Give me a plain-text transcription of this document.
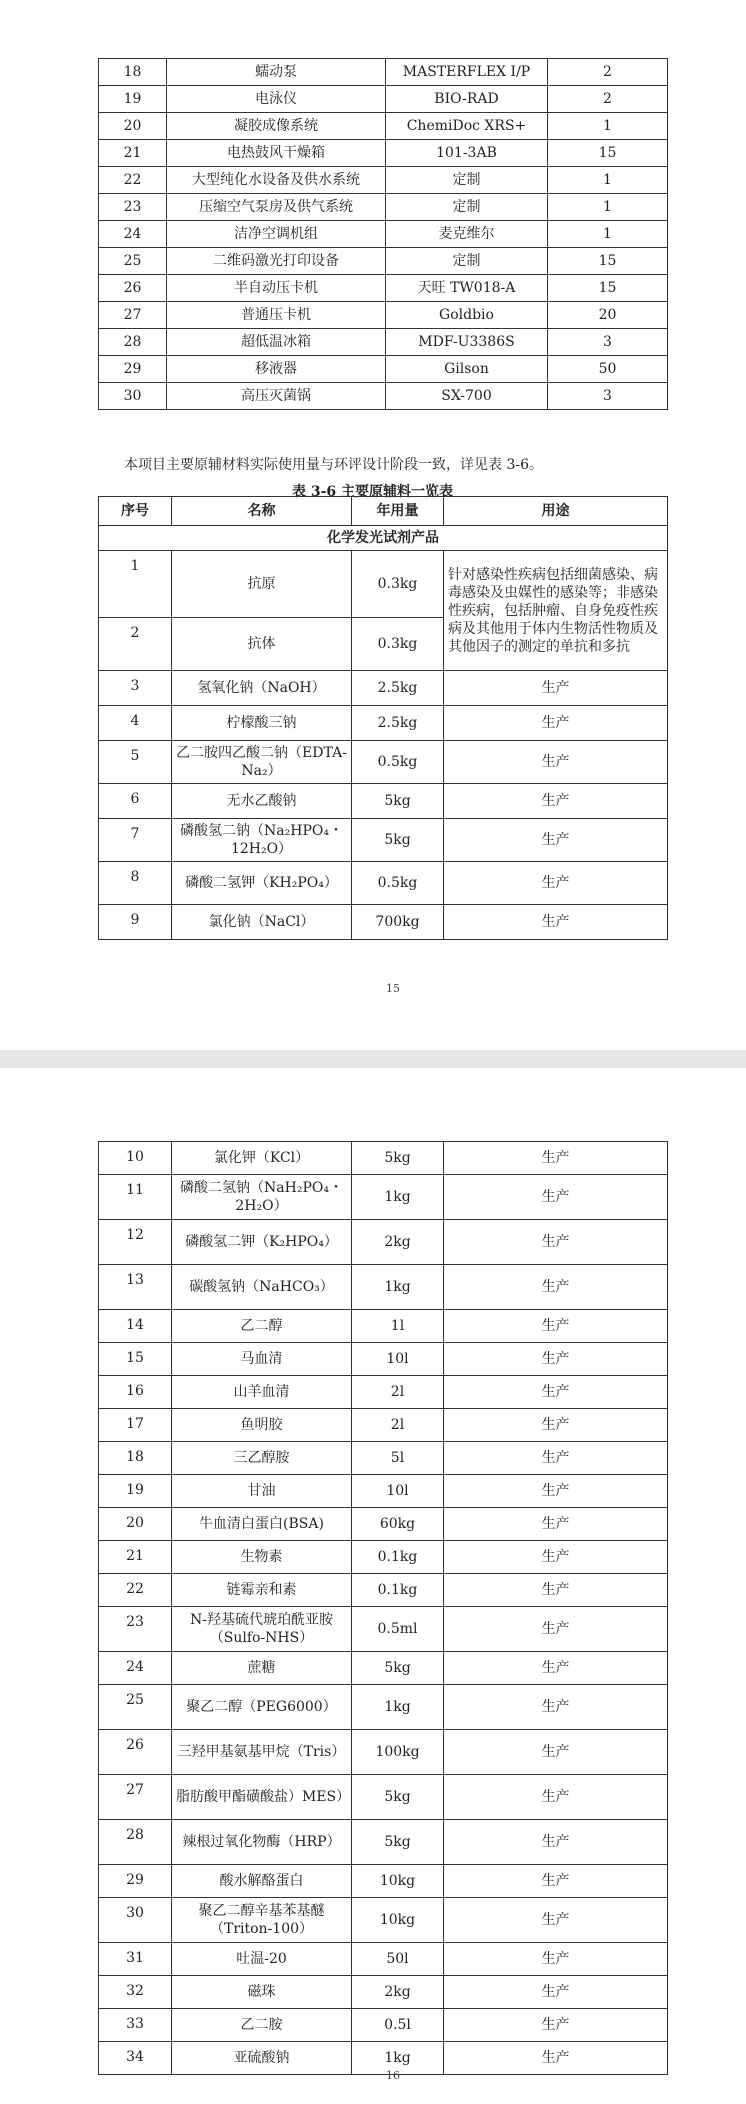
18	蠕动泵	MASTERFLEX I/P	2
19	电泳仪	BIO-RAD	2
20	凝胶成像系统	ChemiDoc XRS+	1
21	电热鼓风干燥箱	101-3AB	15
22	大型纯化水设备及供水系统	定制	1
23	压缩空气泵房及供气系统	定制	1
24	洁净空调机组	麦克维尔	1
25	二维码激光打印设备	定制	15
26	半自动压卡机	天旺 TW018-A	15
27	普通压卡机	Goldbio	20
28	超低温冰箱	MDF-U3386S	3
29	移液器	Gilson	50
30	高压灭菌锅	SX-700	3
本项目主要原辅材料实际使用量与环评设计阶段一致，详见表 3-6。
表 3-6 主要原辅料一览表
序号	名称	年用量	用途
化学发光试剂产品			
1	抗原	0.3kg	针对感染性疾病包括细菌感染、病毒感染及虫媒性的感染等；非感染性疾病，包括肿瘤、自身免疫性疾病及其他用于体内生物活性物质及其他因子的测定的单抗和多抗
2	抗体	0.3kg	
3	氢氧化钠（NaOH）	2.5kg	生产
4	柠檬酸三钠	2.5kg	生产
5	乙二胺四乙酸二钠（EDTA-Na₂）	0.5kg	生产
6	无水乙酸钠	5kg	生产
7	磷酸氢二钠（Na₂HPO₄・12H₂O）	5kg	生产
8	磷酸二氢钾（KH₂PO₄）	0.5kg	生产
9	氯化钠（NaCl）	700kg	生产
15
10	氯化钾（KCl）	5kg	生产
11	磷酸二氢钠（NaH₂PO₄・2H₂O）	1kg	生产
12	磷酸氢二钾（K₂HPO₄）	2kg	生产
13	碳酸氢钠（NaHCO₃）	1kg	生产
14	乙二醇	1l	生产
15	马血清	10l	生产
16	山羊血清	2l	生产
17	鱼明胶	2l	生产
18	三乙醇胺	5l	生产
19	甘油	10l	生产
20	牛血清白蛋白(BSA)	60kg	生产
21	生物素	0.1kg	生产
22	链霉亲和素	0.1kg	生产
23	N-羟基硫代琥珀酰亚胺（Sulfo-NHS）	0.5ml	生产
24	蔗糖	5kg	生产
25	聚乙二醇（PEG6000）	1kg	生产
26	三羟甲基氨基甲烷（Tris）	100kg	生产
27	脂肪酸甲酯磺酸盐）MES）	5kg	生产
28	辣根过氧化物酶（HRP）	5kg	生产
29	酸水解酪蛋白	10kg	生产
30	聚乙二醇辛基苯基醚（Triton-100）	10kg	生产
31	吐温-20	50l	生产
32	磁珠	2kg	生产
33	乙二胺	0.5l	生产
34	亚硫酸钠	1kg	生产
16
